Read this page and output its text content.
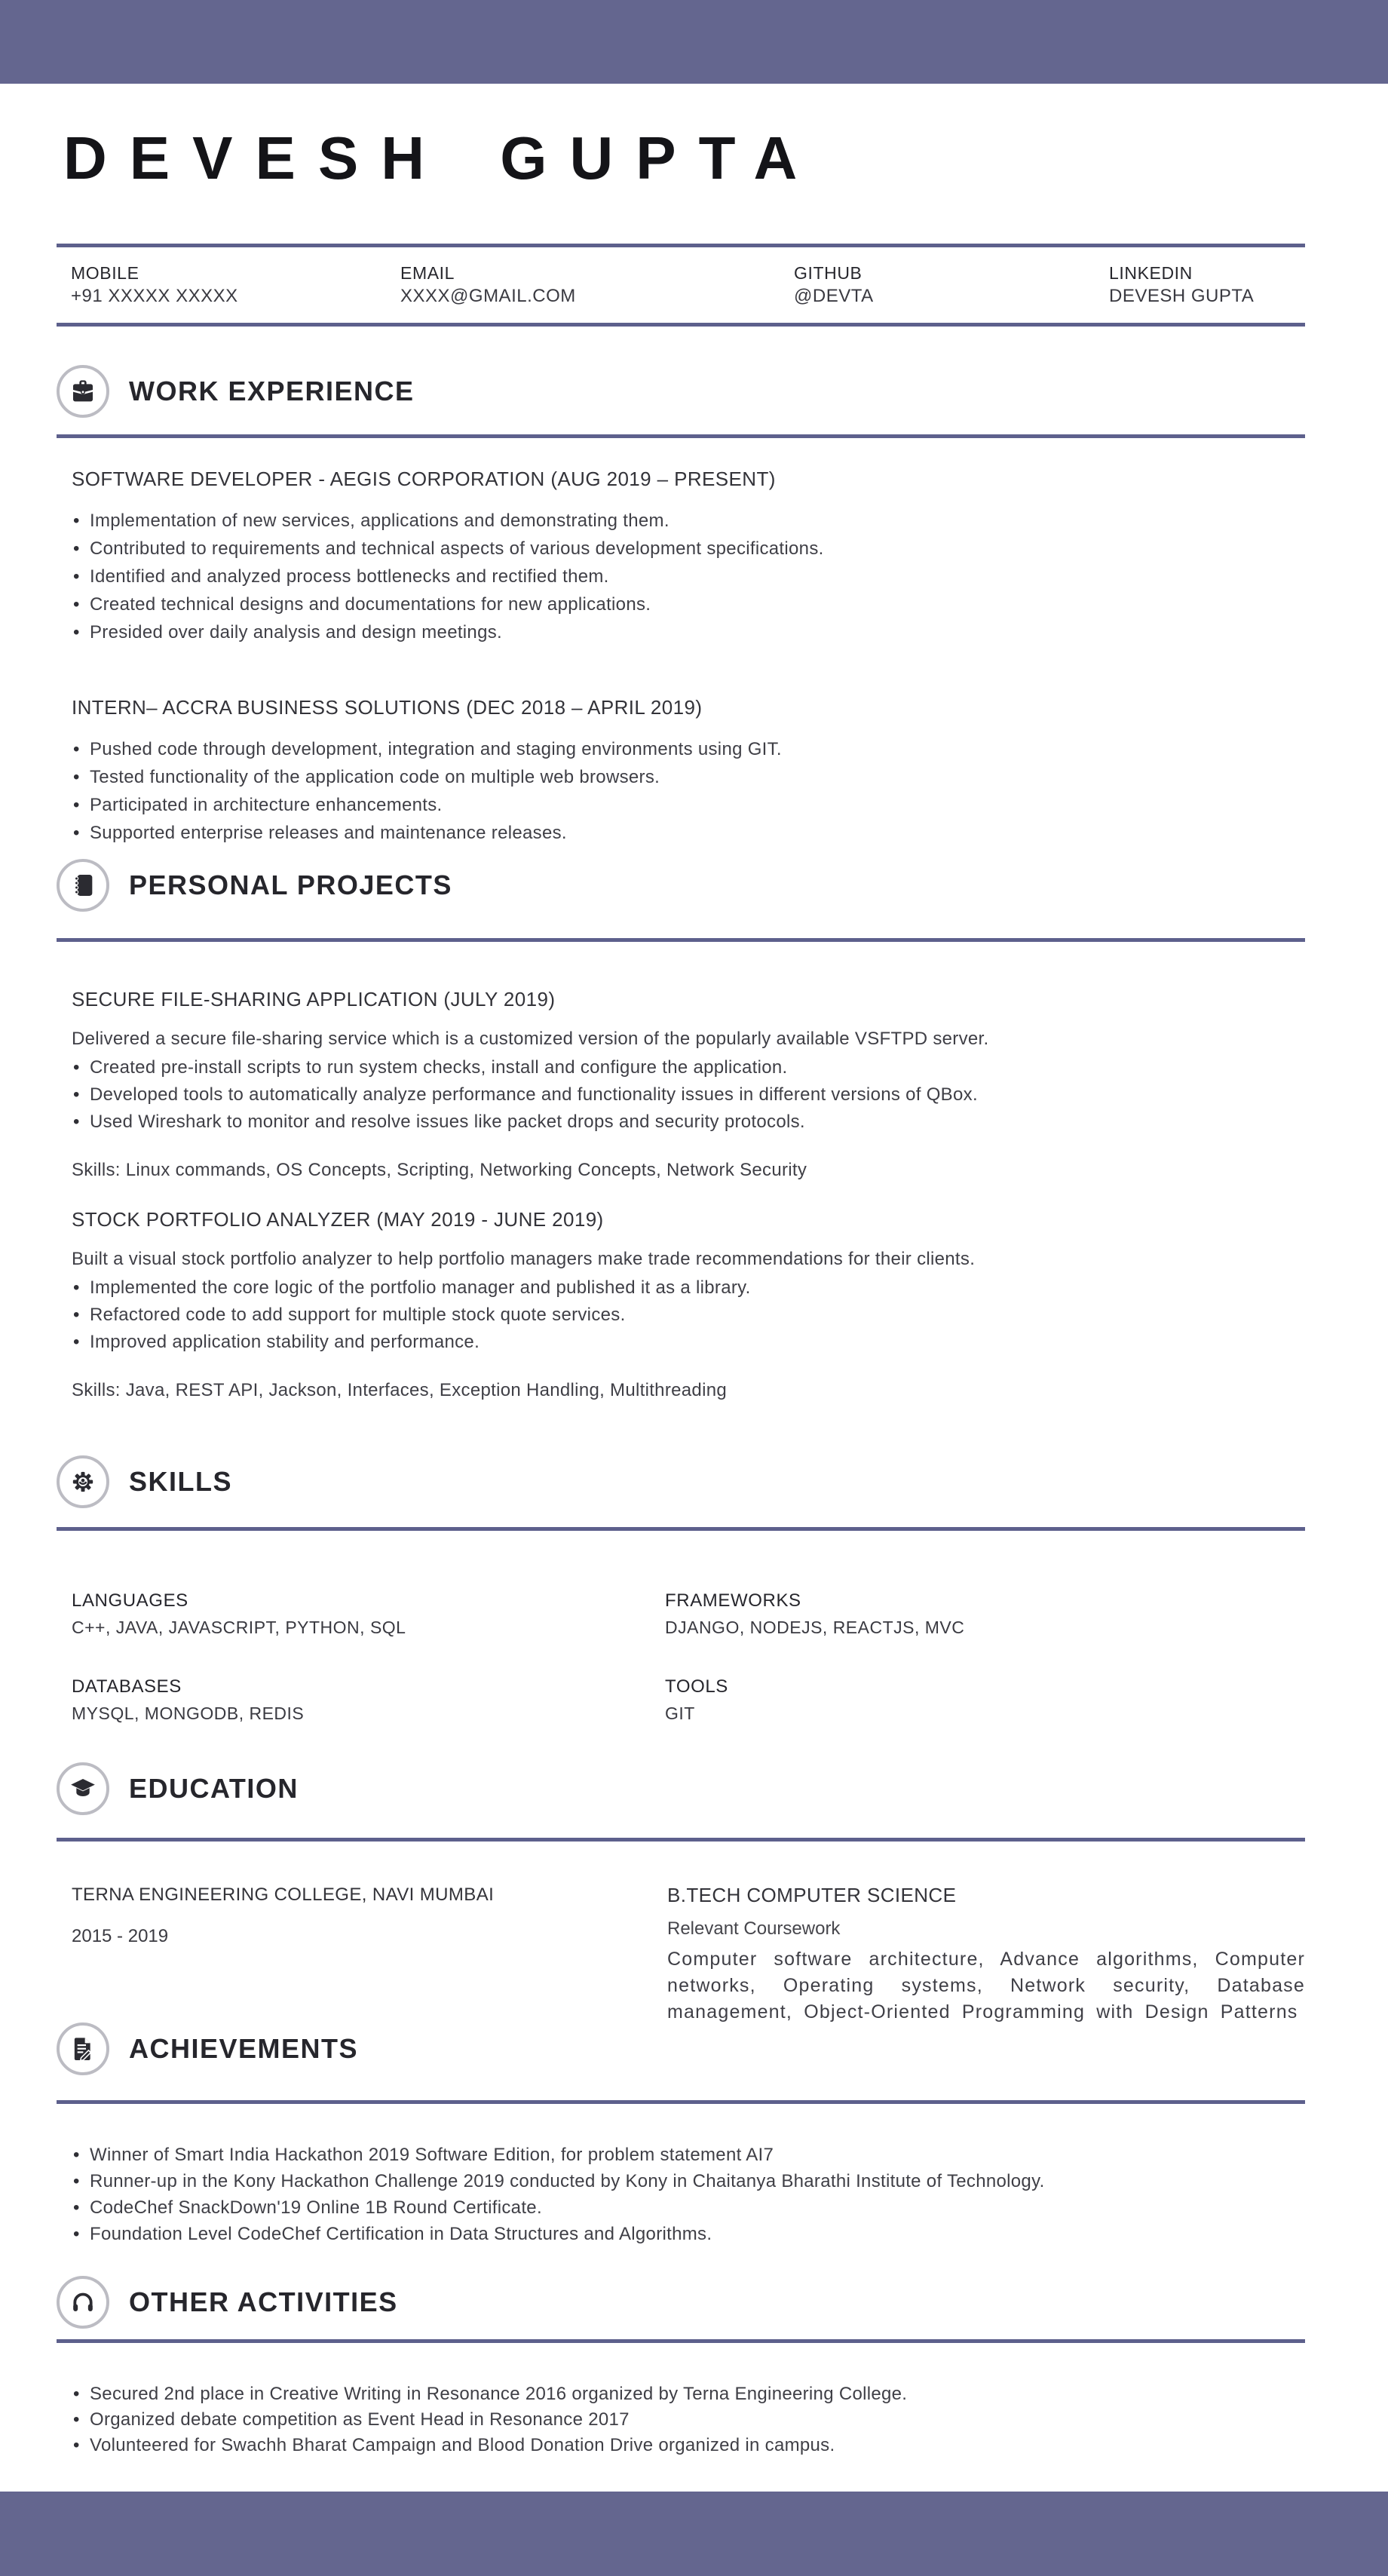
DEVESH GUPTA
MOBILE
+91 XXXXX XXXXX
EMAIL
XXXX@GMAIL.COM
GITHUB
@DEVTA
LINKEDIN
DEVESH GUPTA
WORK EXPERIENCE
SOFTWARE DEVELOPER - AEGIS CORPORATION (AUG 2019 – PRESENT)
• Implementation of new services, applications and demonstrating them.
• Contributed to requirements and technical aspects of various development specifications.
• Identified and analyzed process bottlenecks and rectified them.
• Created technical designs and documentations for new applications.
• Presided over daily analysis and design meetings.
INTERN– ACCRA BUSINESS SOLUTIONS (DEC 2018 – APRIL 2019)
• Pushed code through development, integration and staging environments using GIT.
• Tested functionality of the application code on multiple web browsers.
• Participated in architecture enhancements.
• Supported enterprise releases and maintenance releases.
PERSONAL PROJECTS
SECURE FILE-SHARING APPLICATION (JULY 2019)
Delivered a secure file-sharing service which is a customized version of the popularly available VSFTPD server.
• Created pre-install scripts to run system checks, install and configure the application.
• Developed tools to automatically analyze performance and functionality issues in different versions of QBox.
• Used Wireshark to monitor and resolve issues like packet drops and security protocols.
Skills: Linux commands, OS Concepts, Scripting, Networking Concepts, Network Security
STOCK PORTFOLIO ANALYZER (MAY 2019 - JUNE 2019)
Built a visual stock portfolio analyzer to help portfolio managers make trade recommendations for their clients.
• Implemented the core logic of the portfolio manager and published it as a library.
• Refactored code to add support for multiple stock quote services.
• Improved application stability and performance.
Skills: Java, REST API, Jackson, Interfaces, Exception Handling, Multithreading
SKILLS
LANGUAGES
C++, JAVA, JAVASCRIPT, PYTHON, SQL
FRAMEWORKS
DJANGO, NODEJS, REACTJS, MVC
DATABASES
MYSQL, MONGODB, REDIS
TOOLS
GIT
EDUCATION
TERNA ENGINEERING COLLEGE, NAVI MUMBAI
2015 - 2019
B.TECH COMPUTER SCIENCE
Relevant Coursework
Computer software architecture, Advance algorithms, Computer networks, Operating systems, Network security, Database management, Object-Oriented Programming with Design Patterns
ACHIEVEMENTS
• Winner of Smart India Hackathon 2019 Software Edition, for problem statement AI7
• Runner-up in the Kony Hackathon Challenge 2019 conducted by Kony in Chaitanya Bharathi Institute of Technology.
• CodeChef SnackDown'19 Online 1B Round Certificate.
• Foundation Level CodeChef Certification in Data Structures and Algorithms.
OTHER ACTIVITIES
• Secured 2nd place in Creative Writing in Resonance 2016 organized by Terna Engineering College.
• Organized debate competition as Event Head in Resonance 2017
• Volunteered for Swachh Bharat Campaign and Blood Donation Drive organized in campus.
